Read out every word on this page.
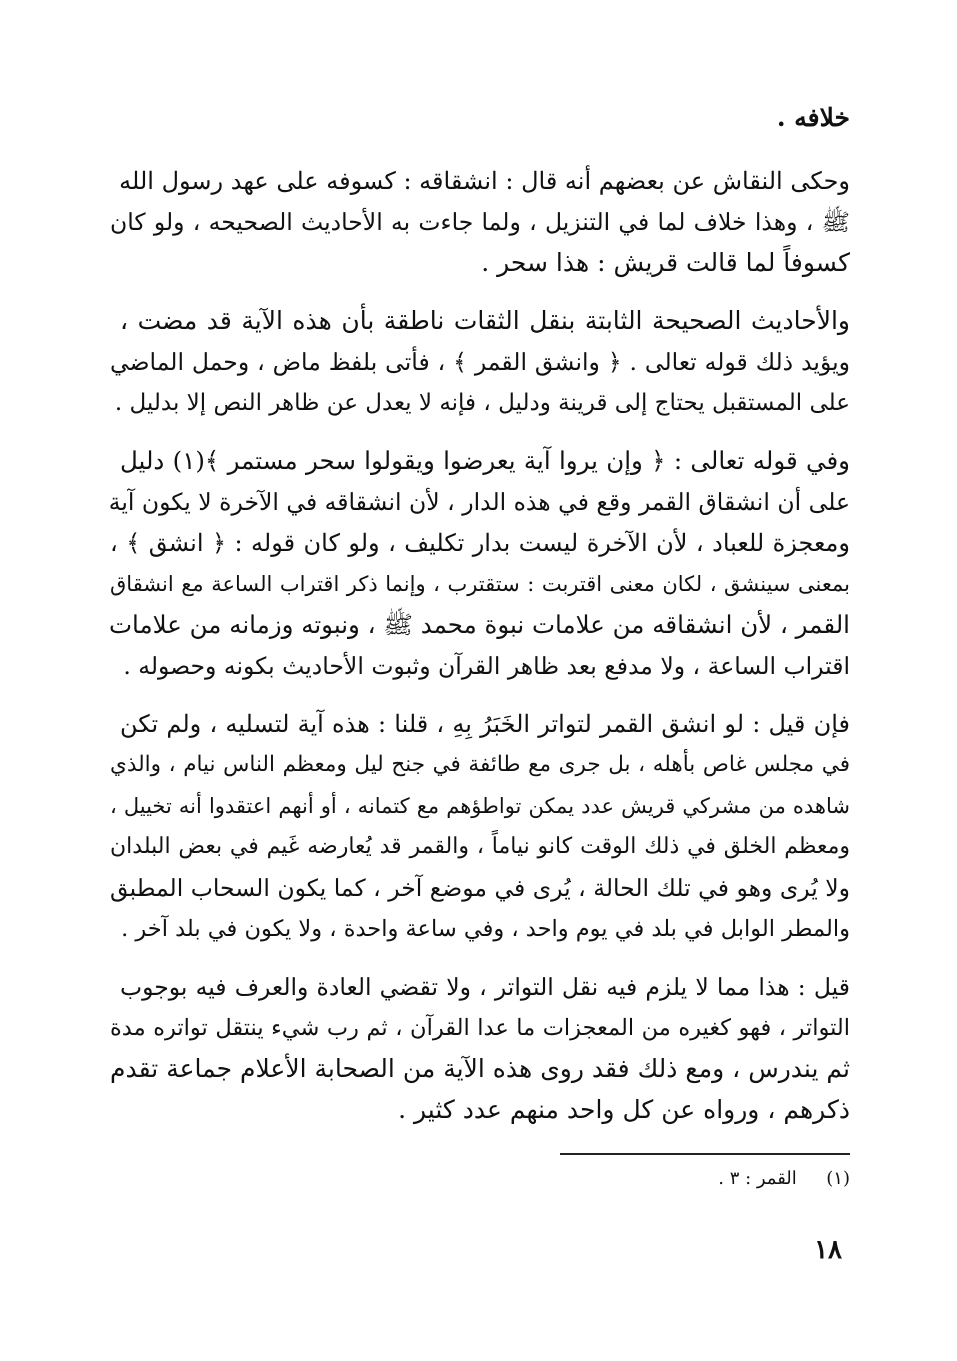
خلافه .
وحكى النقاش عن بعضهم أنه قال : انشقاقه : كسوفه على عهد رسول الله
ﷺ ، وهذا خلاف لما في التنزيل ، ولما جاءت به الأحاديث الصحيحه ، ولو كان
كسوفاً لما قالت قريش : هذا سحر .
والأحاديث الصحيحة الثابتة بنقل الثقات ناطقة بأن هذه الآية قد مضت ،
ويؤيد ذلك قوله تعالى . ﴿ وانشق القمر ﴾ ، فأتى بلفظ ماض ، وحمل الماضي
على المستقبل يحتاج إلى قرينة ودليل ، فإنه لا يعدل عن ظاهر النص إلا بدليل .
وفي قوله تعالى : ﴿ وإن يروا آية يعرضوا ويقولوا سحر مستمر ﴾(١) دليل
على أن انشقاق القمر وقع في هذه الدار ، لأن انشقاقه في الآخرة لا يكون آية
ومعجزة للعباد ، لأن الآخرة ليست بدار تكليف ، ولو كان قوله : ﴿ انشق ﴾ ،
بمعنى سينشق ، لكان معنى اقتربت : ستقترب ، وإنما ذكر اقتراب الساعة مع انشقاق
القمر ، لأن انشقاقه من علامات نبوة محمد ﷺ ، ونبوته وزمانه من علامات
اقتراب الساعة ، ولا مدفع بعد ظاهر القرآن وثبوت الأحاديث بكونه وحصوله .
فإن قيل : لو انشق القمر لتواتر الخَبَرُ بِهِ ، قلنا : هذه آية لتسليه ، ولم تكن
في مجلس غاص بأهله ، بل جرى مع طائفة في جنح ليل ومعظم الناس نيام ، والذي
شاهده من مشركي قريش عدد يمكن تواطؤهم مع كتمانه ، أو أنهم اعتقدوا أنه تخييل ،
ومعظم الخلق في ذلك الوقت كانو نياماً ، والقمر قد يُعارضه غَيم في بعض البلدان
ولا يُرى وهو في تلك الحالة ، يُرى في موضع آخر ، كما يكون السحاب المطبق
والمطر الوابل في بلد في يوم واحد ، وفي ساعة واحدة ، ولا يكون في بلد آخر .
قيل : هذا مما لا يلزم فيه نقل التواتر ، ولا تقضي العادة والعرف فيه بوجوب
التواتر ، فهو كغيره من المعجزات ما عدا القرآن ، ثم رب شيء ينتقل تواتره مدة
ثم يندرس ، ومع ذلك فقد روى هذه الآية من الصحابة الأعلام جماعة تقدم
ذكرهم ، ورواه عن كل واحد منهم عدد كثير .
(١)  القمر : ٣ .
١٨
